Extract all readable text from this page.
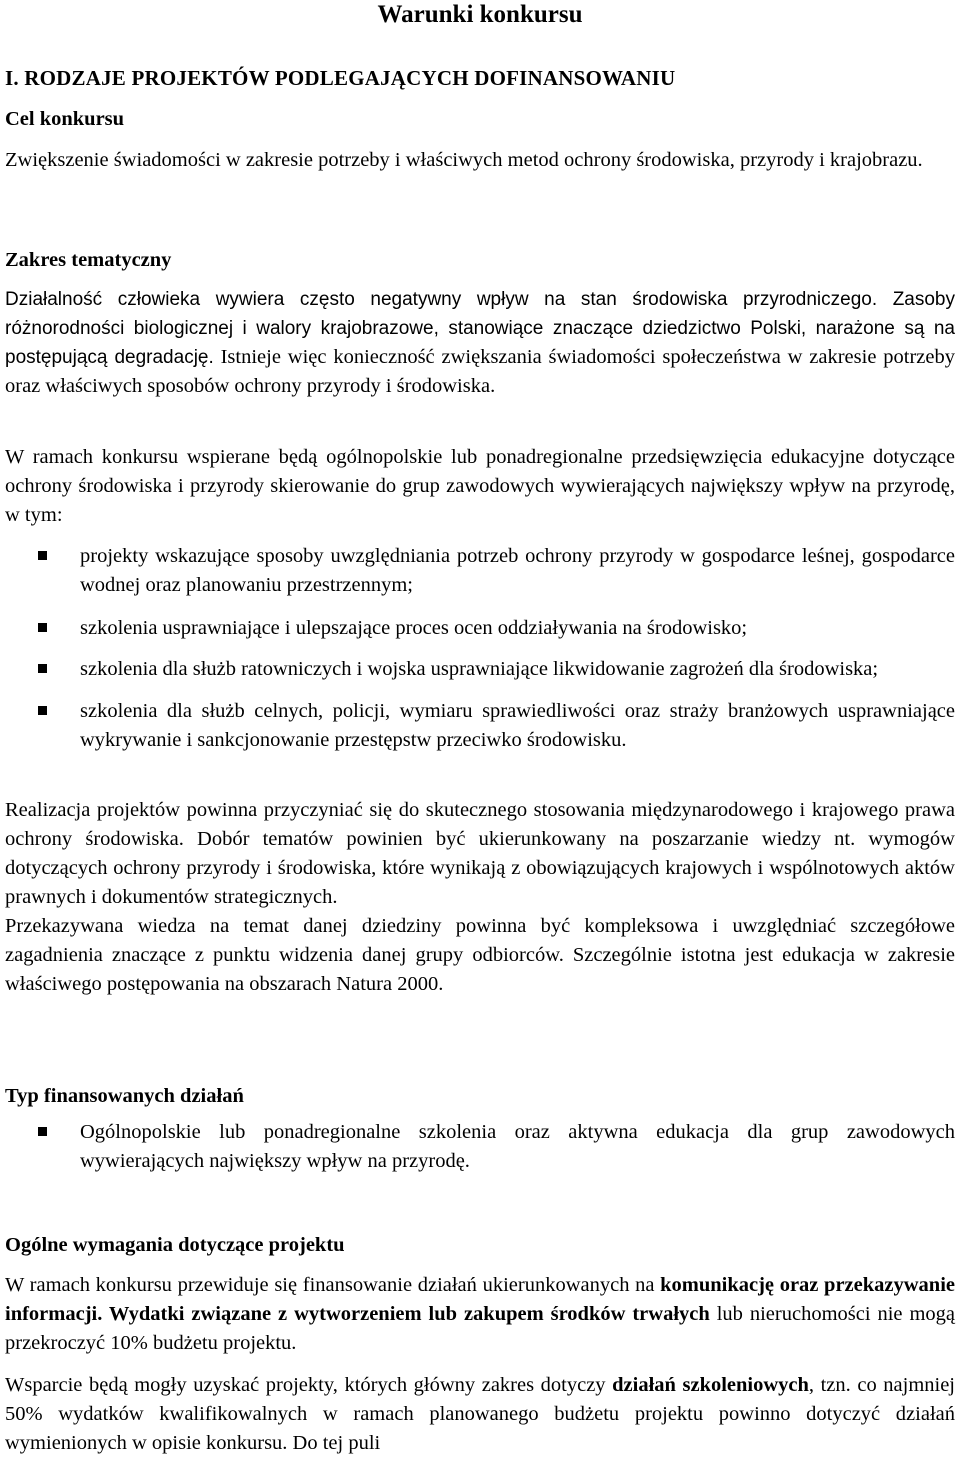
Warunki konkursu
I. RODZAJE PROJEKTÓW PODLEGAJĄCYCH DOFINANSOWANIU
Cel konkursu

Zwiększenie świadomości w zakresie potrzeby i właściwych metod ochrony środowiska, przyrody i krajobrazu.

Zakres tematyczny

Działalność człowieka wywiera często negatywny wpływ na stan środowiska przyrodniczego. Zasoby różnorodności biologicznej i walory krajobrazowe, stanowiące znaczące dziedzictwo Polski, narażone są na postępującą degradację. Istnieje więc konieczność zwiększania świadomości społeczeństwa w zakresie potrzeby oraz właściwych sposobów ochrony przyrody i środowiska.

W ramach konkursu wspierane będą ogólnopolskie lub ponadregionalne przedsięwzięcia edukacyjne dotyczące ochrony środowiska i przyrody skierowanie do grup zawodowych wywierających największy wpływ na przyrodę, w tym:

projekty wskazujące sposoby uwzględniania potrzeb ochrony przyrody w gospodarce leśnej, gospodarce wodnej oraz planowaniu przestrzennym;
szkolenia usprawniające i ulepszające proces ocen oddziaływania na środowisko;
szkolenia dla służb ratowniczych i wojska usprawniające likwidowanie zagrożeń dla środowiska;
szkolenia dla służb celnych, policji, wymiaru sprawiedliwości oraz straży branżowych usprawniające wykrywanie i sankcjonowanie przestępstw przeciwko środowisku.

Realizacja projektów powinna przyczyniać się do skutecznego stosowania międzynarodowego i krajowego prawa ochrony środowiska. Dobór tematów powinien być ukierunkowany na poszarzanie wiedzy nt. wymogów dotyczących ochrony przyrody i środowiska, które wynikają z obowiązujących krajowych i wspólnotowych aktów prawnych i dokumentów strategicznych.

Przekazywana wiedza na temat danej dziedziny powinna być kompleksowa i uwzględniać szczegółowe zagadnienia znaczące z punktu widzenia danej grupy odbiorców. Szczególnie istotna jest edukacja w zakresie właściwego postępowania na obszarach Natura 2000.

Typ finansowanych działań
Ogólnopolskie lub ponadregionalne szkolenia oraz aktywna edukacja dla grup zawodowych wywierających największy wpływ na przyrodę.
Ogólne wymagania dotyczące projektu

W ramach konkursu przewiduje się finansowanie działań ukierunkowanych na komunikację oraz przekazywanie informacji. Wydatki związane z wytworzeniem lub zakupem środków trwałych lub nieruchomości nie mogą przekroczyć 10% budżetu projektu.

Wsparcie będą mogły uzyskać projekty, których główny zakres dotyczy działań szkoleniowych, tzn. co najmniej 50% wydatków kwalifikowalnych w ramach planowanego budżetu projektu powinno dotyczyć działań wymienionych w opisie konkursu. Do tej puli
